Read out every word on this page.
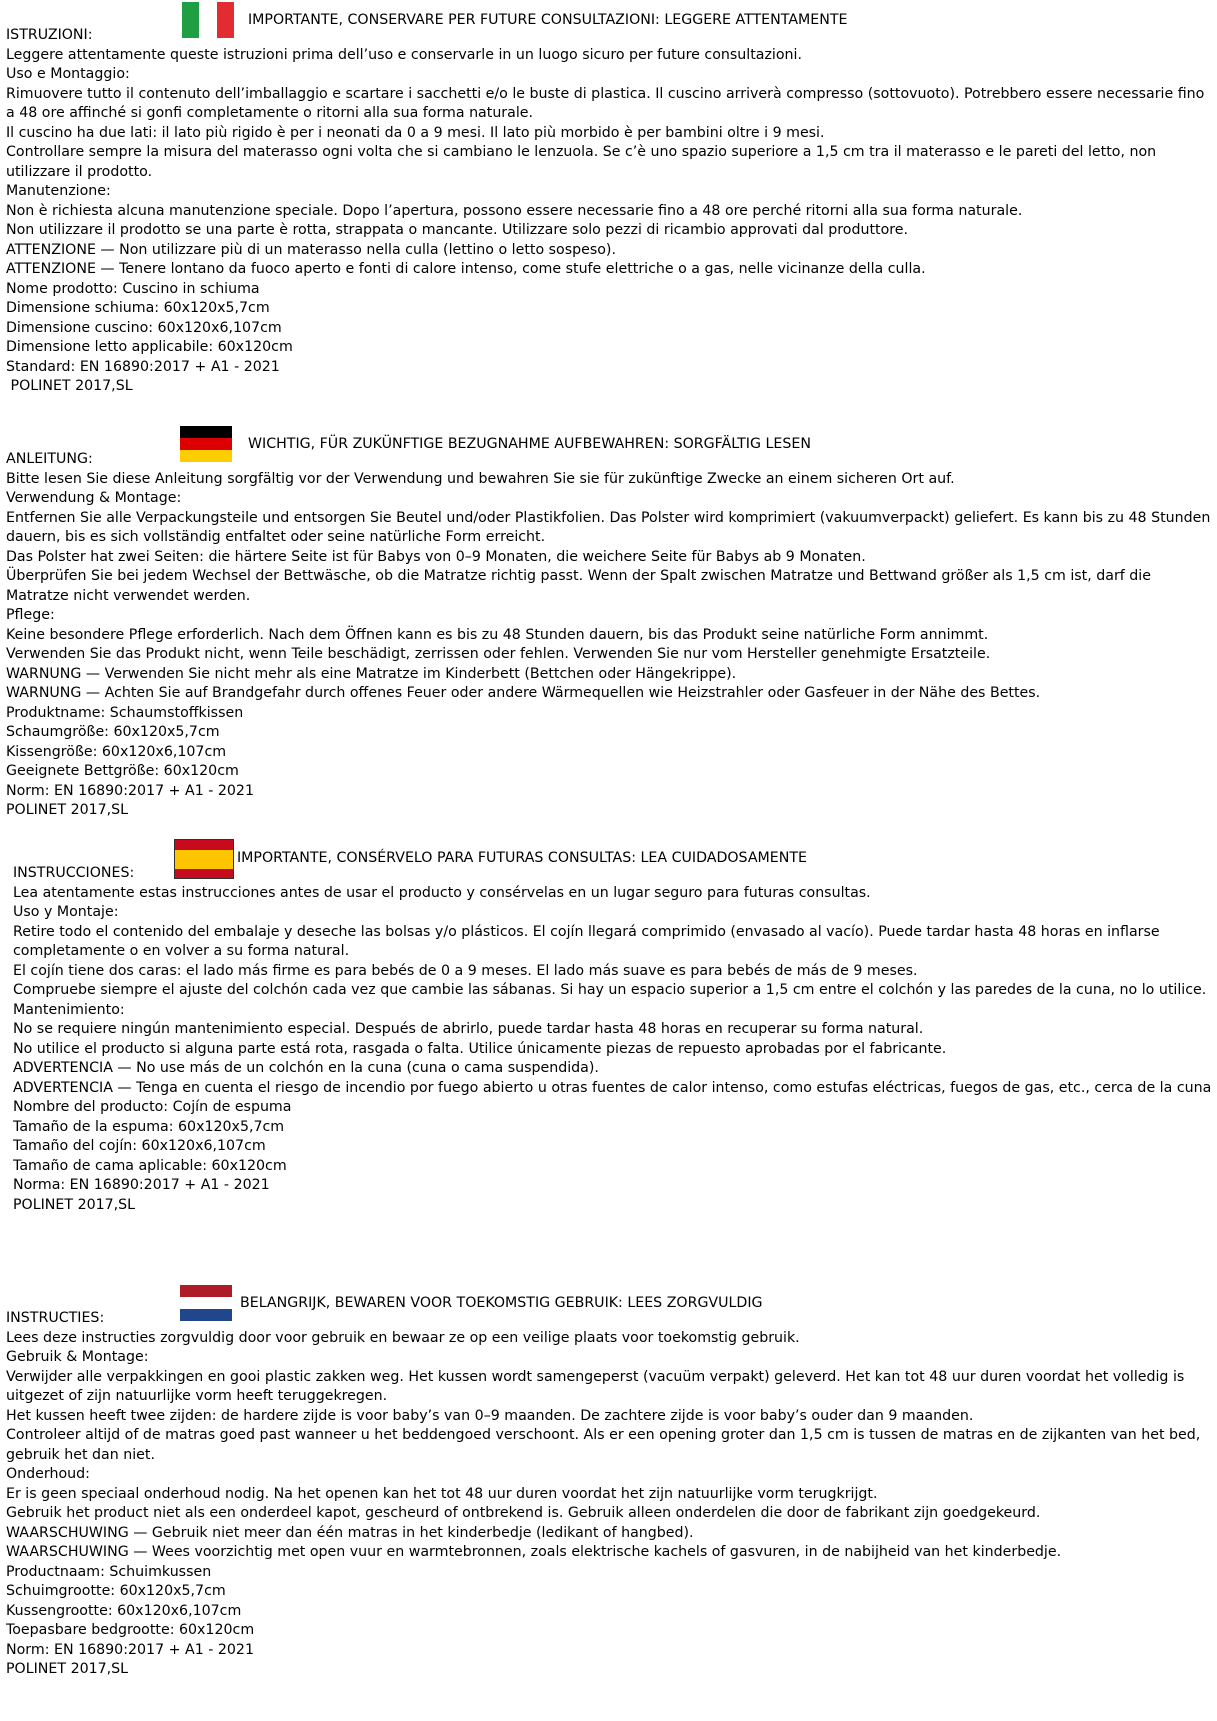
IMPORTANTE, CONSERVARE PER FUTURE CONSULTAZIONI: LEGGERE ATTENTAMENTE
ISTRUZIONI:
Leggere attentamente queste istruzioni prima dell’uso e conservarle in un luogo sicuro per future consultazioni.
Uso e Montaggio:
Rimuovere tutto il contenuto dell’imballaggio e scartare i sacchetti e/o le buste di plastica. Il cuscino arriverà compresso (sottovuoto). Potrebbero essere necessarie fino a 48 ore affinché si gonfi completamente o ritorni alla sua forma naturale.
Il cuscino ha due lati: il lato più rigido è per i neonati da 0 a 9 mesi. Il lato più morbido è per bambini oltre i 9 mesi.
Controllare sempre la misura del materasso ogni volta che si cambiano le lenzuola. Se c’è uno spazio superiore a 1,5 cm tra il materasso e le pareti del letto, non utilizzare il prodotto.
Manutenzione:
Non è richiesta alcuna manutenzione speciale. Dopo l’apertura, possono essere necessarie fino a 48 ore perché ritorni alla sua forma naturale.
Non utilizzare il prodotto se una parte è rotta, strappata o mancante. Utilizzare solo pezzi di ricambio approvati dal produttore.
ATTENZIONE — Non utilizzare più di un materasso nella culla (lettino o letto sospeso).
ATTENZIONE — Tenere lontano da fuoco aperto e fonti di calore intenso, come stufe elettriche o a gas, nelle vicinanze della culla.
Nome prodotto: Cuscino in schiuma
Dimensione schiuma: 60x120x5,7cm
Dimensione cuscino: 60x120x6,107cm
Dimensione letto applicabile: 60x120cm
Standard: EN 16890:2017 + A1 - 2021
POLINET 2017,SL
WICHTIG, FÜR ZUKÜNFTIGE BEZUGNAHME AUFBEWAHREN: SORGFÄLTIG LESEN
ANLEITUNG:
Bitte lesen Sie diese Anleitung sorgfältig vor der Verwendung und bewahren Sie sie für zukünftige Zwecke an einem sicheren Ort auf.
Verwendung & Montage:
Entfernen Sie alle Verpackungsteile und entsorgen Sie Beutel und/oder Plastikfolien. Das Polster wird komprimiert (vakuumverpackt) geliefert. Es kann bis zu 48 Stunden dauern, bis es sich vollständig entfaltet oder seine natürliche Form erreicht.
Das Polster hat zwei Seiten: die härtere Seite ist für Babys von 0–9 Monaten, die weichere Seite für Babys ab 9 Monaten.
Überprüfen Sie bei jedem Wechsel der Bettwäsche, ob die Matratze richtig passt. Wenn der Spalt zwischen Matratze und Bettwand größer als 1,5 cm ist, darf die Matratze nicht verwendet werden.
Pflege:
Keine besondere Pflege erforderlich. Nach dem Öffnen kann es bis zu 48 Stunden dauern, bis das Produkt seine natürliche Form annimmt.
Verwenden Sie das Produkt nicht, wenn Teile beschädigt, zerrissen oder fehlen. Verwenden Sie nur vom Hersteller genehmigte Ersatzteile.
WARNUNG — Verwenden Sie nicht mehr als eine Matratze im Kinderbett (Bettchen oder Hängekrippe).
WARNUNG — Achten Sie auf Brandgefahr durch offenes Feuer oder andere Wärmequellen wie Heizstrahler oder Gasfeuer in der Nähe des Bettes.
Produktname: Schaumstoffkissen
Schaumgröße: 60x120x5,7cm
Kissengröße: 60x120x6,107cm
Geeignete Bettgröße: 60x120cm
Norm: EN 16890:2017 + A1 - 2021
POLINET 2017,SL
IMPORTANTE, CONSÉRVELO PARA FUTURAS CONSULTAS: LEA CUIDADOSAMENTE
INSTRUCCIONES:
Lea atentamente estas instrucciones antes de usar el producto y consérvelas en un lugar seguro para futuras consultas.
Uso y Montaje:
Retire todo el contenido del embalaje y deseche las bolsas y/o plásticos. El cojín llegará comprimido (envasado al vacío). Puede tardar hasta 48 horas en inflarse completamente o en volver a su forma natural.
El cojín tiene dos caras: el lado más firme es para bebés de 0 a 9 meses. El lado más suave es para bebés de más de 9 meses.
Compruebe siempre el ajuste del colchón cada vez que cambie las sábanas. Si hay un espacio superior a 1,5 cm entre el colchón y las paredes de la cuna, no lo utilice.
Mantenimiento:
No se requiere ningún mantenimiento especial. Después de abrirlo, puede tardar hasta 48 horas en recuperar su forma natural.
No utilice el producto si alguna parte está rota, rasgada o falta. Utilice únicamente piezas de repuesto aprobadas por el fabricante.
ADVERTENCIA — No use más de un colchón en la cuna (cuna o cama suspendida).
ADVERTENCIA — Tenga en cuenta el riesgo de incendio por fuego abierto u otras fuentes de calor intenso, como estufas eléctricas, fuegos de gas, etc., cerca de la cuna
Nombre del producto: Cojín de espuma
Tamaño de la espuma: 60x120x5,7cm
Tamaño del cojín: 60x120x6,107cm
Tamaño de cama aplicable: 60x120cm
Norma: EN 16890:2017 + A1 - 2021
POLINET 2017,SL
BELANGRIJK, BEWAREN VOOR TOEKOMSTIG GEBRUIK: LEES ZORGVULDIG
INSTRUCTIES:
Lees deze instructies zorgvuldig door voor gebruik en bewaar ze op een veilige plaats voor toekomstig gebruik.
Gebruik & Montage:
Verwijder alle verpakkingen en gooi plastic zakken weg. Het kussen wordt samengeperst (vacuüm verpakt) geleverd. Het kan tot 48 uur duren voordat het volledig is uitgezet of zijn natuurlijke vorm heeft teruggekregen.
Het kussen heeft twee zijden: de hardere zijde is voor baby’s van 0–9 maanden. De zachtere zijde is voor baby’s ouder dan 9 maanden.
Controleer altijd of de matras goed past wanneer u het beddengoed verschoont. Als er een opening groter dan 1,5 cm is tussen de matras en de zijkanten van het bed, gebruik het dan niet.
Onderhoud:
Er is geen speciaal onderhoud nodig. Na het openen kan het tot 48 uur duren voordat het zijn natuurlijke vorm terugkrijgt.
Gebruik het product niet als een onderdeel kapot, gescheurd of ontbrekend is. Gebruik alleen onderdelen die door de fabrikant zijn goedgekeurd.
WAARSCHUWING — Gebruik niet meer dan één matras in het kinderbedje (ledikant of hangbed).
WAARSCHUWING — Wees voorzichtig met open vuur en warmtebronnen, zoals elektrische kachels of gasvuren, in de nabijheid van het kinderbedje.
Productnaam: Schuimkussen
Schuimgrootte: 60x120x5,7cm
Kussengrootte: 60x120x6,107cm
Toepasbare bedgrootte: 60x120cm
Norm: EN 16890:2017 + A1 - 2021
POLINET 2017,SL
